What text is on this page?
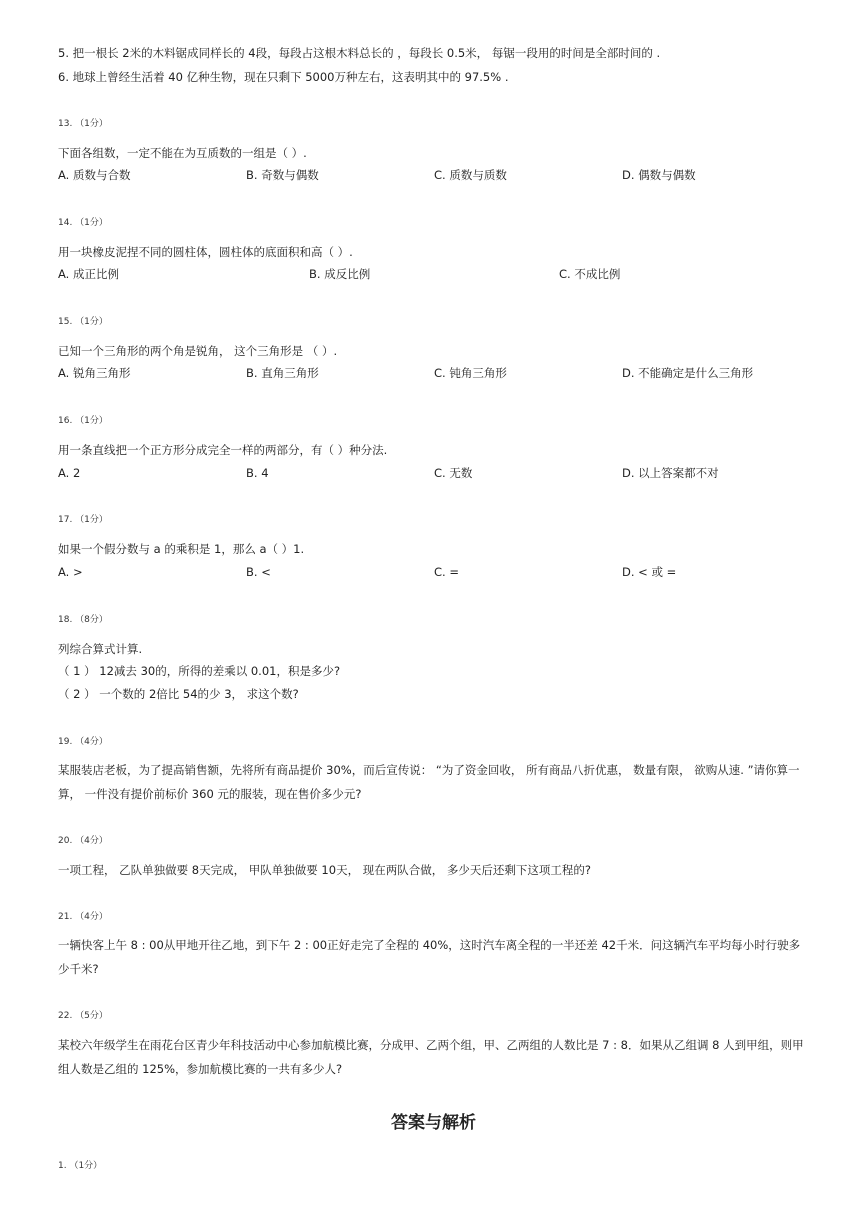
5. 把一根长 2米的木料锯成同样长的 4段，每段占这根木料总长的 ，每段长 0.5米， 每锯一段用的时间是全部时间的 .
6. 地球上曾经生活着 40 亿种生物，现在只剩下 5000万种左右，这表明其中的 97.5% .
13. （1分）
下面各组数，一定不能在为互质数的一组是（ ）.
A. 质数与合数	B. 奇数与偶数	C. 质数与质数	D. 偶数与偶数
14. （1分）
用一块橡皮泥捏不同的圆柱体，圆柱体的底面积和高（ ）.
A. 成正比例	B. 成反比例	C. 不成比例
15. （1分）
已知一个三角形的两个角是锐角， 这个三角形是 （ ）.
A. 锐角三角形	B. 直角三角形	C. 钝角三角形	D. 不能确定是什么三角形
16. （1分）
用一条直线把一个正方形分成完全一样的两部分，有（ ）种分法.
A. 2	B. 4	C. 无数	D. 以上答案都不对
17. （1分）
如果一个假分数与 a 的乘积是 1，那么 a（ ）1.
A. >	B. <	C. =	D. < 或 =
18. （8分）
列综合算式计算.
（ 1 ） 12减去 30的，所得的差乘以 0.01，积是多少?
（ 2 ） 一个数的 2倍比 54的少 3， 求这个数?
19. （4分）
某服装店老板，为了提高销售额，先将所有商品提价 30%，而后宣传说： “为了资金回收， 所有商品八折优惠， 数量有限， 欲购从速. ”请你算一算， 一件没有提价前标价 360 元的服装，现在售价多少元?
20. （4分）
一项工程， 乙队单独做要 8天完成， 甲队单独做要 10天， 现在两队合做， 多少天后还剩下这项工程的?
21. （4分）
一辆快客上午 8 : 00从甲地开往乙地，到下午 2 : 00正好走完了全程的 40%，这时汽车离全程的一半还差 42千米．问这辆汽车平均每小时行驶多少千米?
22. （5分）
某校六年级学生在雨花台区青少年科技活动中心参加航模比赛，分成甲、乙两个组，甲、乙两组的人数比是 7 : 8．如果从乙组调 8 人到甲组，则甲组人数是乙组的 125%，参加航模比赛的一共有多少人?
答案与解析
1. （1分）
